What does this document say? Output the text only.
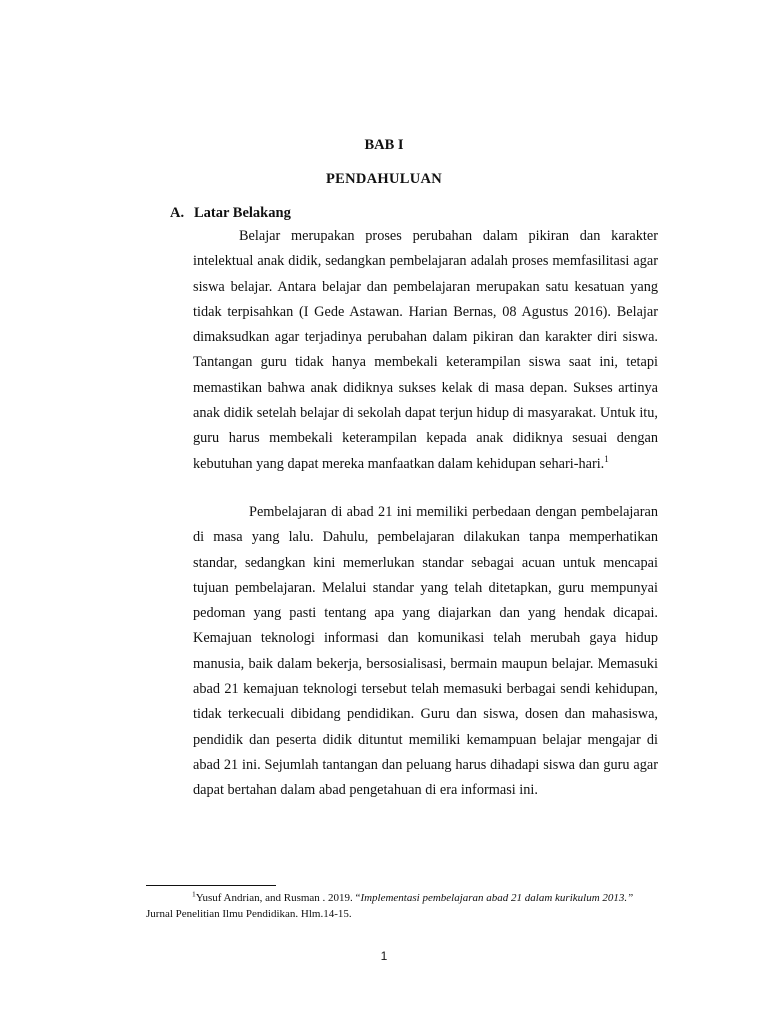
BAB I
PENDAHULUAN
A. Latar Belakang

Belajar merupakan proses perubahan dalam pikiran dan karakter intelektual anak didik, sedangkan pembelajaran adalah proses memfasilitasi agar siswa belajar. Antara belajar dan pembelajaran merupakan satu kesatuan yang tidak terpisahkan (I Gede Astawan. Harian Bernas, 08 Agustus 2016). Belajar dimaksudkan agar terjadinya perubahan dalam pikiran dan karakter diri siswa. Tantangan guru tidak hanya membekali keterampilan siswa saat ini, tetapi memastikan bahwa anak didiknya sukses kelak di masa depan. Sukses artinya anak didik setelah belajar di sekolah dapat terjun hidup di masyarakat. Untuk itu, guru harus membekali keterampilan kepada anak didiknya sesuai dengan kebutuhan yang dapat mereka manfaatkan dalam kehidupan sehari-hari.$^1$

Pembelajaran di abad 21 ini memiliki perbedaan dengan pembelajaran di masa yang lalu. Dahulu, pembelajaran dilakukan tanpa memperhatikan standar, sedangkan kini memerlukan standar sebagai acuan untuk mencapai tujuan pembelajaran. Melalui standar yang telah ditetapkan, guru mempunyai pedoman yang pasti tentang apa yang diajarkan dan yang hendak dicapai. Kemajuan teknologi informasi dan komunikasi telah merubah gaya hidup manusia, baik dalam bekerja, bersosialisasi, bermain maupun belajar. Memasuki abad 21 kemajuan teknologi tersebut telah memasuki berbagai sendi kehidupan, tidak terkecuali dibidang pendidikan. Guru dan siswa, dosen dan mahasiswa, pendidik dan peserta didik dituntut memiliki kemampuan belajar mengajar di abad 21 ini. Sejumlah tantangan dan peluang harus dihadapi siswa dan guru agar dapat bertahan dalam abad pengetahuan di era informasi ini.

$^1$Yusuf Andrian, and Rusman . 2019. “Implementasi pembelajaran abad 21 dalam kurikulum 2013.” Jurnal Penelitian Ilmu Pendidikan. Hlm.14-15.

1
